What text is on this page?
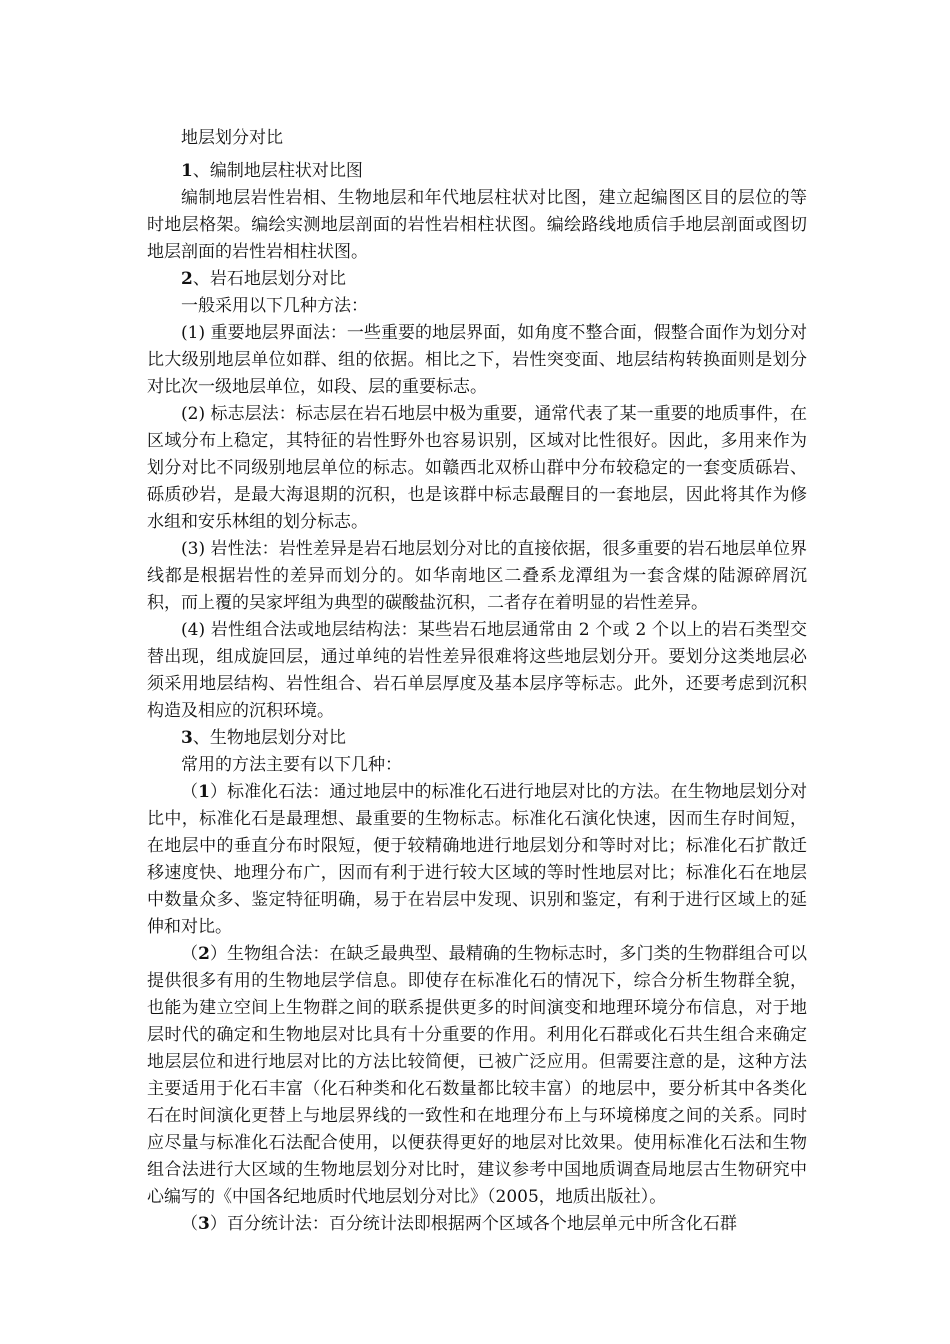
地层划分对比

1、编制地层柱状对比图

编制地层岩性岩相、生物地层和年代地层柱状对比图，建立起编图区目的层位的等时地层格架。编绘实测地层剖面的岩性岩相柱状图。编绘路线地质信手地层剖面或图切地层剖面的岩性岩相柱状图。

2、岩石地层划分对比

一般采用以下几种方法：

(1) 重要地层界面法：一些重要的地层界面，如角度不整合面，假整合面作为划分对比大级别地层单位如群、组的依据。相比之下，岩性突变面、地层结构转换面则是划分对比次一级地层单位，如段、层的重要标志。

(2) 标志层法：标志层在岩石地层中极为重要，通常代表了某一重要的地质事件，在区域分布上稳定，其特征的岩性野外也容易识别，区域对比性很好。因此，多用来作为划分对比不同级别地层单位的标志。如赣西北双桥山群中分布较稳定的一套变质砾岩、砾质砂岩，是最大海退期的沉积，也是该群中标志最醒目的一套地层，因此将其作为修水组和安乐林组的划分标志。

(3) 岩性法：岩性差异是岩石地层划分对比的直接依据，很多重要的岩石地层单位界线都是根据岩性的差异而划分的。如华南地区二叠系龙潭组为一套含煤的陆源碎屑沉积，而上覆的吴家坪组为典型的碳酸盐沉积，二者存在着明显的岩性差异。

(4) 岩性组合法或地层结构法：某些岩石地层通常由 2 个或 2 个以上的岩石类型交替出现，组成旋回层，通过单纯的岩性差异很难将这些地层划分开。要划分这类地层必须采用地层结构、岩性组合、岩石单层厚度及基本层序等标志。此外，还要考虑到沉积构造及相应的沉积环境。

3、生物地层划分对比

常用的方法主要有以下几种：

（1）标准化石法：通过地层中的标准化石进行地层对比的方法。在生物地层划分对比中，标准化石是最理想、最重要的生物标志。标准化石演化快速，因而生存时间短，在地层中的垂直分布时限短，便于较精确地进行地层划分和等时对比；标准化石扩散迁移速度快、地理分布广，因而有利于进行较大区域的等时性地层对比；标准化石在地层中数量众多、鉴定特征明确，易于在岩层中发现、识别和鉴定，有利于进行区域上的延伸和对比。

（2）生物组合法：在缺乏最典型、最精确的生物标志时，多门类的生物群组合可以提供很多有用的生物地层学信息。即使存在标准化石的情况下，综合分析生物群全貌，也能为建立空间上生物群之间的联系提供更多的时间演变和地理环境分布信息，对于地层时代的确定和生物地层对比具有十分重要的作用。利用化石群或化石共生组合来确定地层层位和进行地层对比的方法比较简便，已被广泛应用。但需要注意的是，这种方法主要适用于化石丰富（化石种类和化石数量都比较丰富）的地层中，要分析其中各类化石在时间演化更替上与地层界线的一致性和在地理分布上与环境梯度之间的关系。同时应尽量与标准化石法配合使用，以便获得更好的地层对比效果。使用标准化石法和生物组合法进行大区域的生物地层划分对比时，建议参考中国地质调查局地层古生物研究中心编写的《中国各纪地质时代地层划分对比》（2005，地质出版社）。

（3）百分统计法：百分统计法即根据两个区域各个地层单元中所含化石群
